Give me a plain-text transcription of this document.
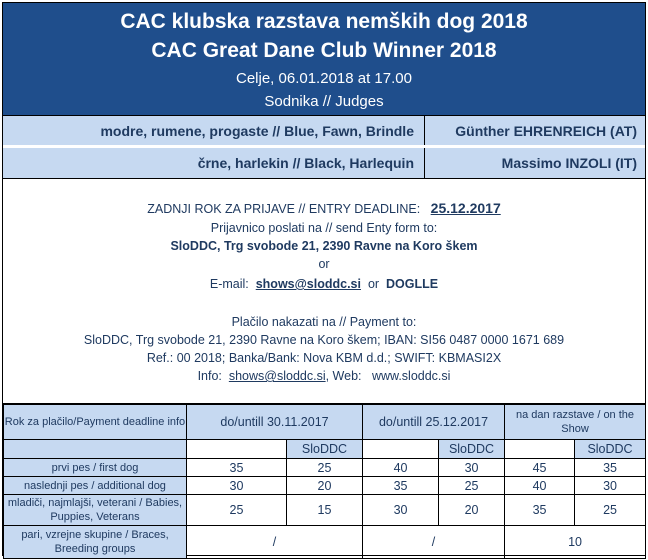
CAC klubska razstava nemških dog 2018
CAC Great Dane Club Winner 2018
Celje, 06.01.2018 at 17.00
Sodnika // Judges
modre, rumene, progaste // Blue, Fawn, Brindle	Günther EHRENREICH (AT)
črne, harlekin // Black, Harlequin	Massimo INZOLI (IT)
ZADNJI ROK ZA PRIJAVE // ENTRY DEADLINE: 25.12.2017
Prijavnico poslati na // send Enty form to:
SloDDC, Trg svobode 21, 2390 Ravne na Koro škem
or
E-mail: shows@sloddc.si or DOGLLE
Plačilo nakazati na // Payment to:
SloDDC, Trg svobode 21, 2390 Ravne na Koro škem; IBAN: SI56 0487 0000 1671 689
Ref.: 00 2018; Banka/Bank: Nova KBM d.d.; SWIFT: KBMASI2X
Info: shows@sloddc.si, Web: www.sloddc.si
Rok za plačilo/Payment deadline info	do/untill 30.11.2017		do/untill 25.12.2017		na dan razstave / on the Show	
		SloDDC		SloDDC		SloDDC
prvi pes / first dog	35	25	40	30	45	35
naslednji pes / additional dog	30	20	35	25	40	30
mladiči, najmlajši, veterani / Babies, Puppies, Veterans	25	15	30	20	35	25
pari, vzrejne skupine / Braces, Breeding groups	/		/		10	
